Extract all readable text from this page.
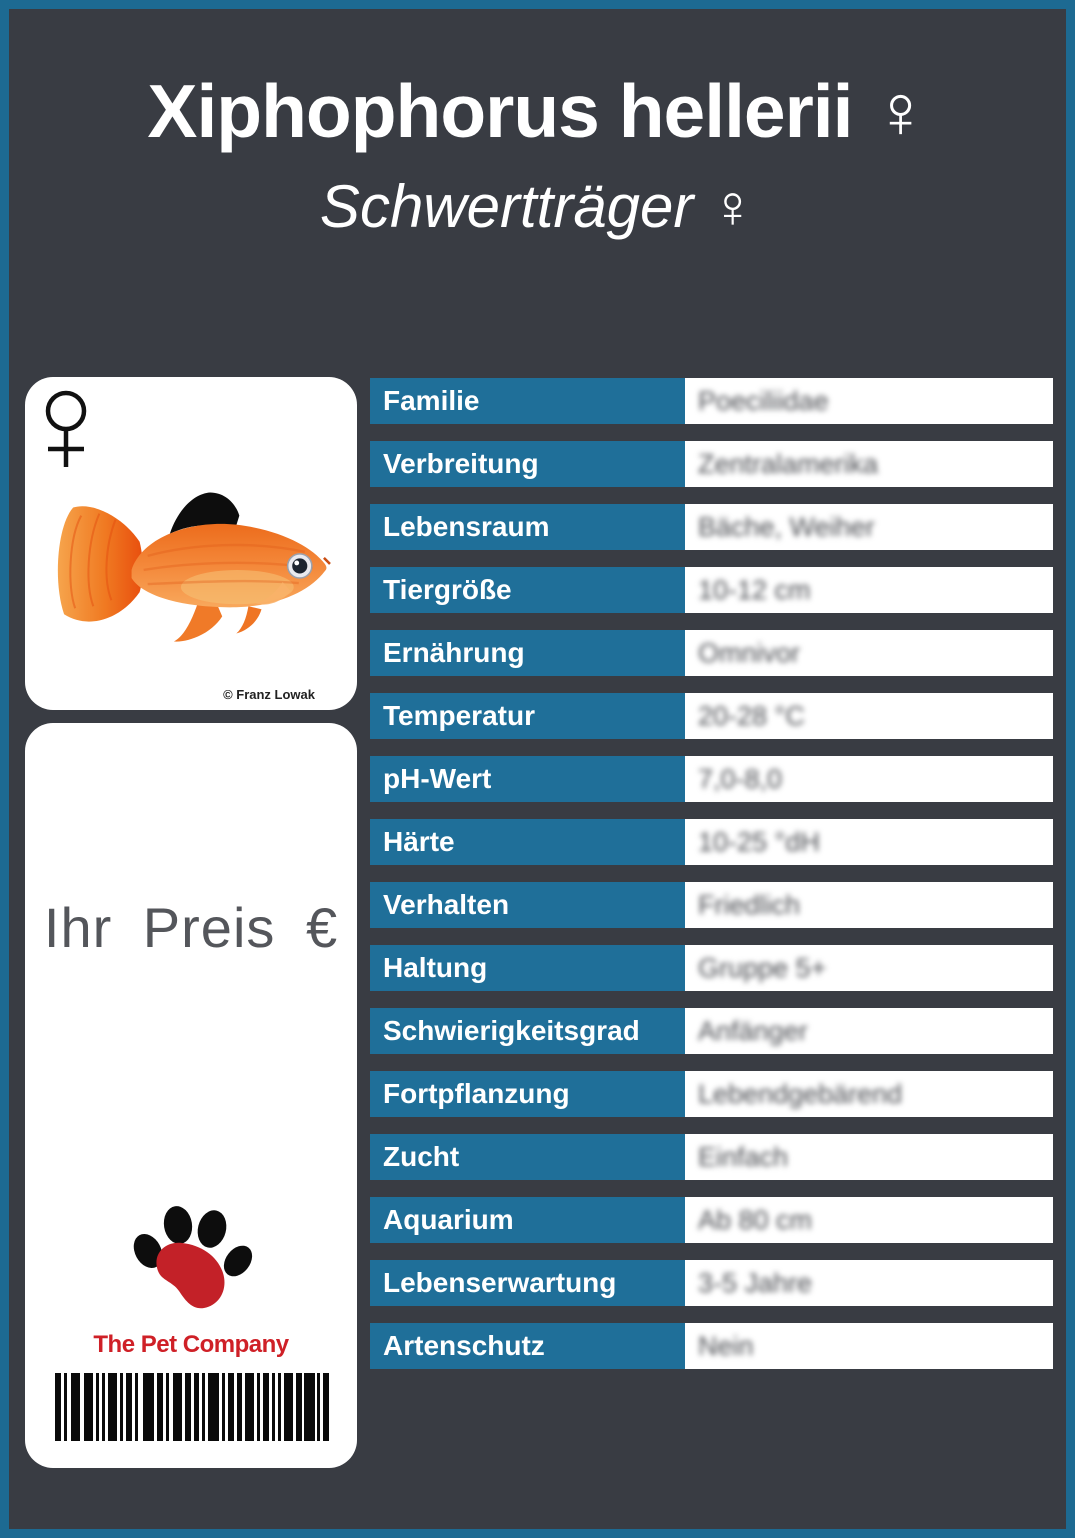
Xiphophorus hellerii ♀
Schwertträger ♀
© Franz Lowak
Ihr Preis €
The Pet Company
Familie	Poeciliidae
Verbreitung	Zentralamerika
Lebensraum	Bäche, Weiher
Tiergröße	10-12 cm
Ernährung	Omnivor
Temperatur	20-28 °C
pH-Wert	7,0-8,0
Härte	10-25 °dH
Verhalten	Friedlich
Haltung	Gruppe 5+
Schwierigkeitsgrad	Anfänger
Fortpflanzung	Lebendgebärend
Zucht	Einfach
Aquarium	Ab 80 cm
Lebenserwartung	3-5 Jahre
Artenschutz	Nein
